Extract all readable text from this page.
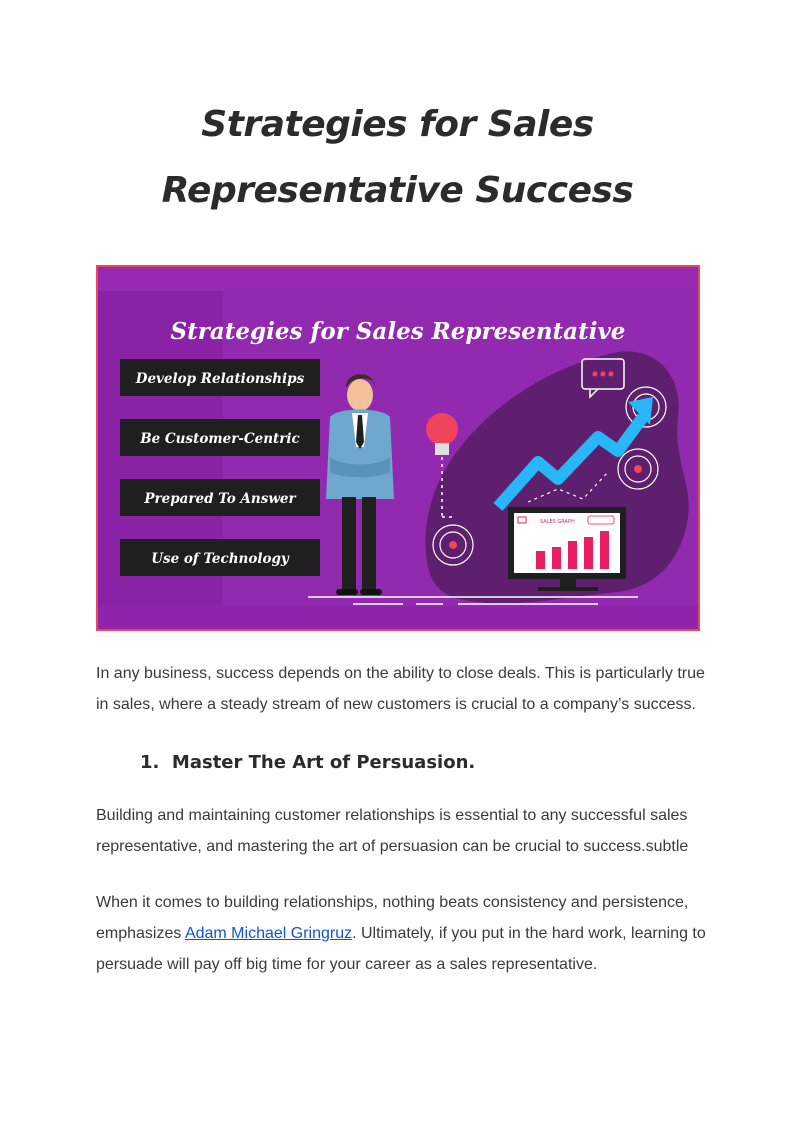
Strategies for Sales Representative Success
Strategies for Sales Representative
Develop Relationships
Be Customer-Centric
Prepared To Answer
Use of Technology
SALES GRAPH
In any business, success depends on the ability to close deals. This is particularly true in sales, where a steady stream of new customers is crucial to a company’s success.
1. Master The Art of Persuasion.
Building and maintaining customer relationships is essential to any successful sales representative, and mastering the art of persuasion can be crucial to success.subtle
When it comes to building relationships, nothing beats consistency and persistence, emphasizes Adam Michael Gringruz. Ultimately, if you put in the hard work, learning to persuade will pay off big time for your career as a sales representative.
